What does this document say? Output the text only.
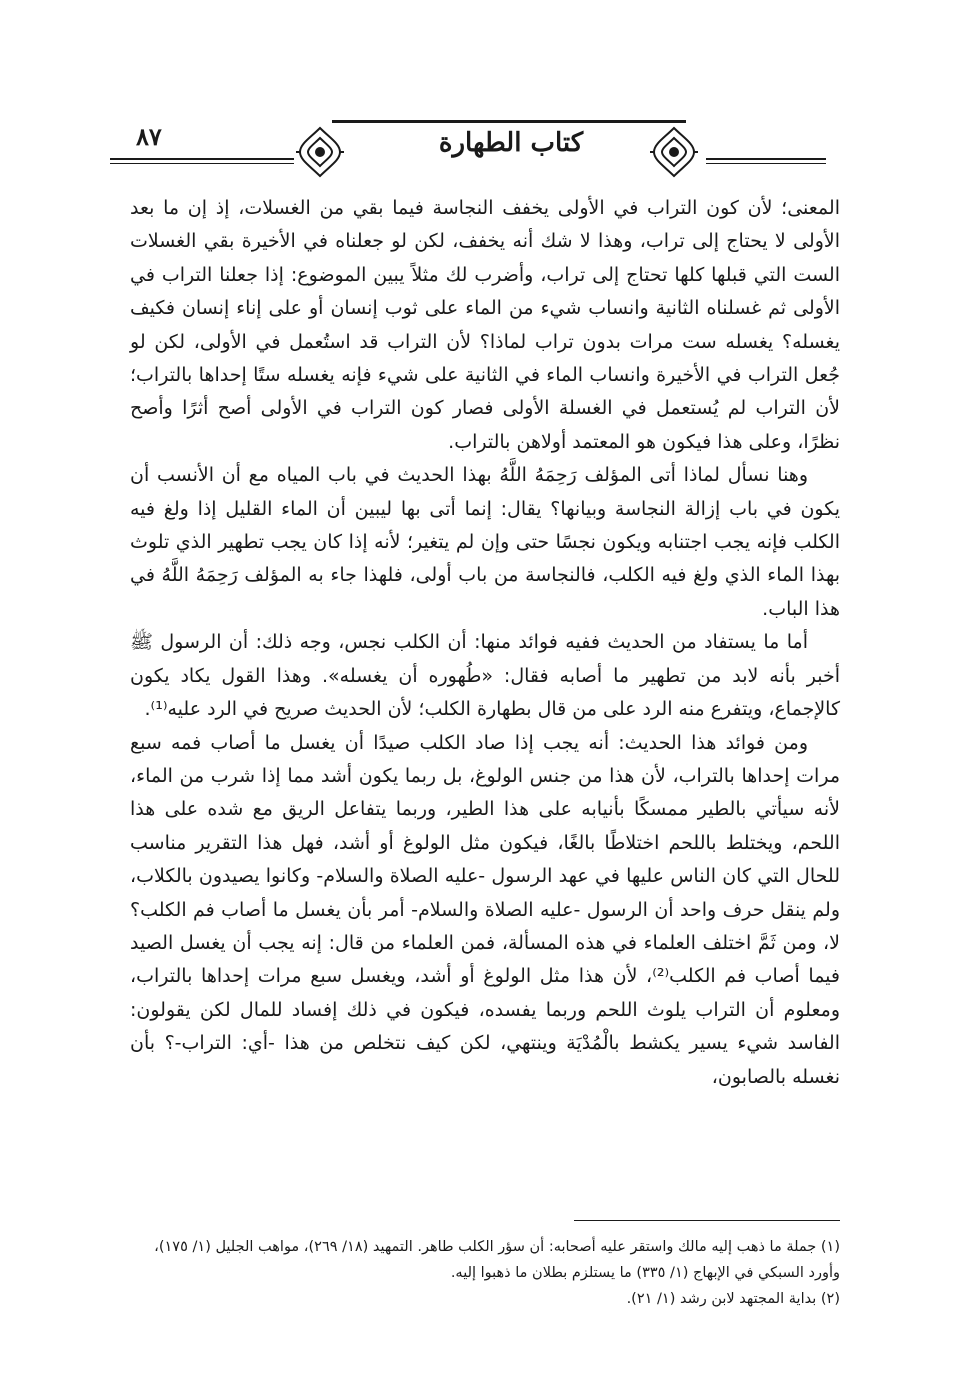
٨٧	كتاب الطهارة

المعنى؛ لأن كون التراب في الأولى يخفف النجاسة فيما بقي من الغسلات، إذ إن ما بعد الأولى لا يحتاج إلى تراب، وهذا لا شك أنه يخفف، لكن لو جعلناه في الأخيرة بقي الغسلات الست التي قبلها كلها تحتاج إلى تراب، وأضرب لك مثلاً يبين الموضوع: إذا جعلنا التراب في الأولى ثم غسلناه الثانية وانساب شيء من الماء على ثوب إنسان أو على إناء إنسان فكيف يغسله؟ يغسله ست مرات بدون تراب لماذا؟ لأن التراب قد استُعمل في الأولى، لكن لو جُعل التراب في الأخيرة وانساب الماء في الثانية على شيء فإنه يغسله ستًا إحداها بالتراب؛ لأن التراب لم يُستعمل في الغسلة الأولى فصار كون التراب في الأولى أصح أثرًا وأصح نظرًا، وعلى هذا فيكون هو المعتمد أولاهن بالتراب.

وهنا نسأل لماذا أتى المؤلف رَحِمَهُ اللَّهُ بهذا الحديث في باب المياه مع أن الأنسب أن يكون في باب إزالة النجاسة وبيانها؟ يقال: إنما أتى بها ليبين أن الماء القليل إذا ولغ فيه الكلب فإنه يجب اجتنابه ويكون نجسًا حتى وإن لم يتغير؛ لأنه إذا كان يجب تطهير الذي تلوث بهذا الماء الذي ولغ فيه الكلب، فالنجاسة من باب أولى، فلهذا جاء به المؤلف رَحِمَهُ اللَّهُ في هذا الباب.

أما ما يستفاد من الحديث ففيه فوائد منها: أن الكلب نجس، وجه ذلك: أن الرسول ﷺ أخبر بأنه لابد من تطهير ما أصابه فقال: «طُهوره أن يغسله». وهذا القول يكاد يكون كالإجماع، ويتفرع منه الرد على من قال بطهارة الكلب؛ لأن الحديث صريح في الرد عليه⁽¹⁾.

ومن فوائد هذا الحديث: أنه يجب إذا صاد الكلب صيدًا أن يغسل ما أصاب فمه سبع مرات إحداها بالتراب، لأن هذا من جنس الولوغ، بل ربما يكون أشد مما إذا شرب من الماء، لأنه سيأتي بالطير ممسكًا بأنيابه على هذا الطير، وربما يتفاعل الريق مع شده على هذا اللحم، ويختلط باللحم اختلاطًا بالغًا، فيكون مثل الولوغ أو أشد، فهل هذا التقرير مناسب للحال التي كان الناس عليها في عهد الرسول -عليه الصلاة والسلام- وكانوا يصيدون بالكلاب، ولم ينقل حرف واحد أن الرسول -عليه الصلاة والسلام- أمر بأن يغسل ما أصاب فم الكلب؟ لا، ومن ثَمَّ اختلف العلماء في هذه المسألة، فمن العلماء من قال: إنه يجب أن يغسل الصيد فيما أصاب فم الكلب⁽²⁾، لأن هذا مثل الولوغ أو أشد، ويغسل سبع مرات إحداها بالتراب، ومعلوم أن التراب يلوث اللحم وربما يفسده، فيكون في ذلك إفساد للمال لكن يقولون: الفاسد شيء يسير يكشط بالْمُدْيَة وينتهي، لكن كيف نتخلص من هذا -أي: التراب-؟ بأن نغسله بالصابون،

(١) جملة ما ذهب إليه مالك واستقر عليه أصحابه: أن سؤر الكلب طاهر. التمهيد (١٨/ ٢٦٩)، مواهب الجليل (١/ ١٧٥)، وأورد السبكي في الإبهاج (١/ ٣٣٥) ما يستلزم بطلان ما ذهبوا إليه.

(٢) بداية المجتهد لابن رشد (١/ ٢١).
